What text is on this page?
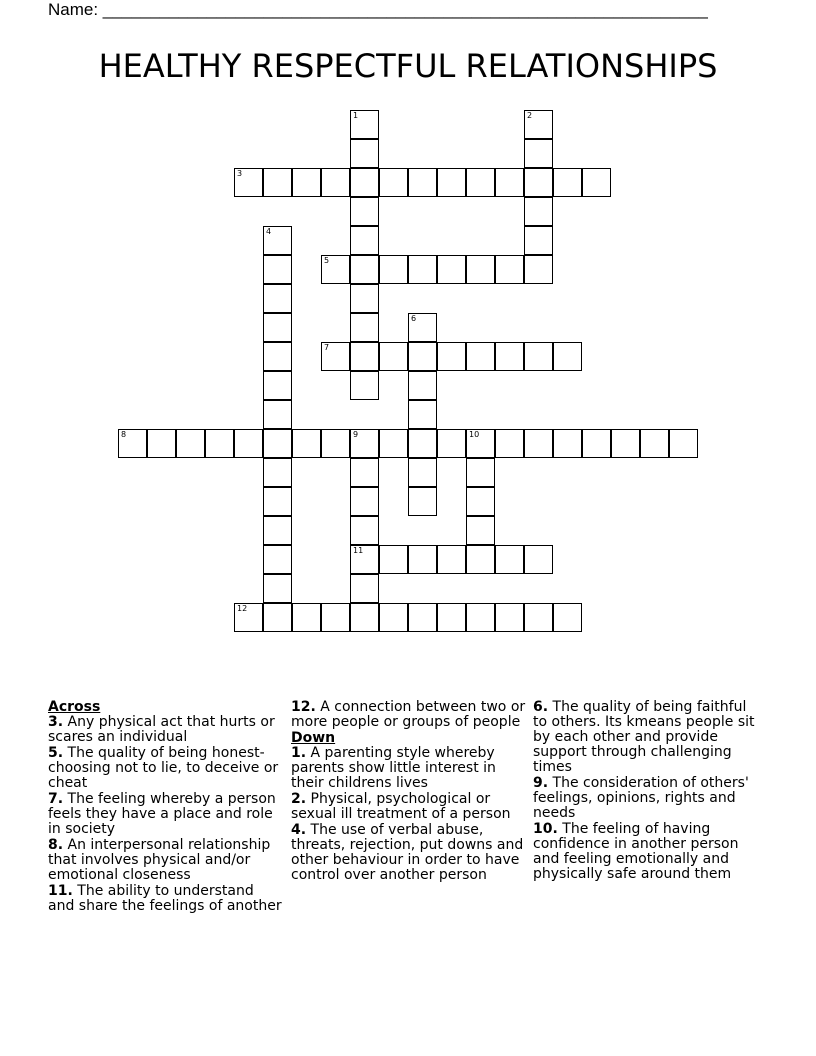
Name: ________________________________________________________________
HEALTHY RESPECTFUL RELATIONSHIPS
1	2
3
4
5
6
7
8	9	10
11
12
Across
3. Any physical act that hurts or scares an individual
5. The quality of being honest-choosing not to lie, to deceive or cheat
7. The feeling whereby a person feels they have a place and role in society
8. An interpersonal relationship that involves physical and/or emotional closeness
11. The ability to understand and share the feelings of another
12. A connection between two or more people or groups of people
Down
1. A parenting style whereby parents show little interest in their childrens lives
2. Physical, psychological or sexual ill treatment of a person
4. The use of verbal abuse, threats, rejection, put downs and other behaviour in order to have control over another person
6. The quality of being faithful to others. Its kmeans people sit by each other and provide support through challenging times
9. The consideration of others' feelings, opinions, rights and needs
10. The feeling of having confidence in another person and feeling emotionally and physically safe around them
